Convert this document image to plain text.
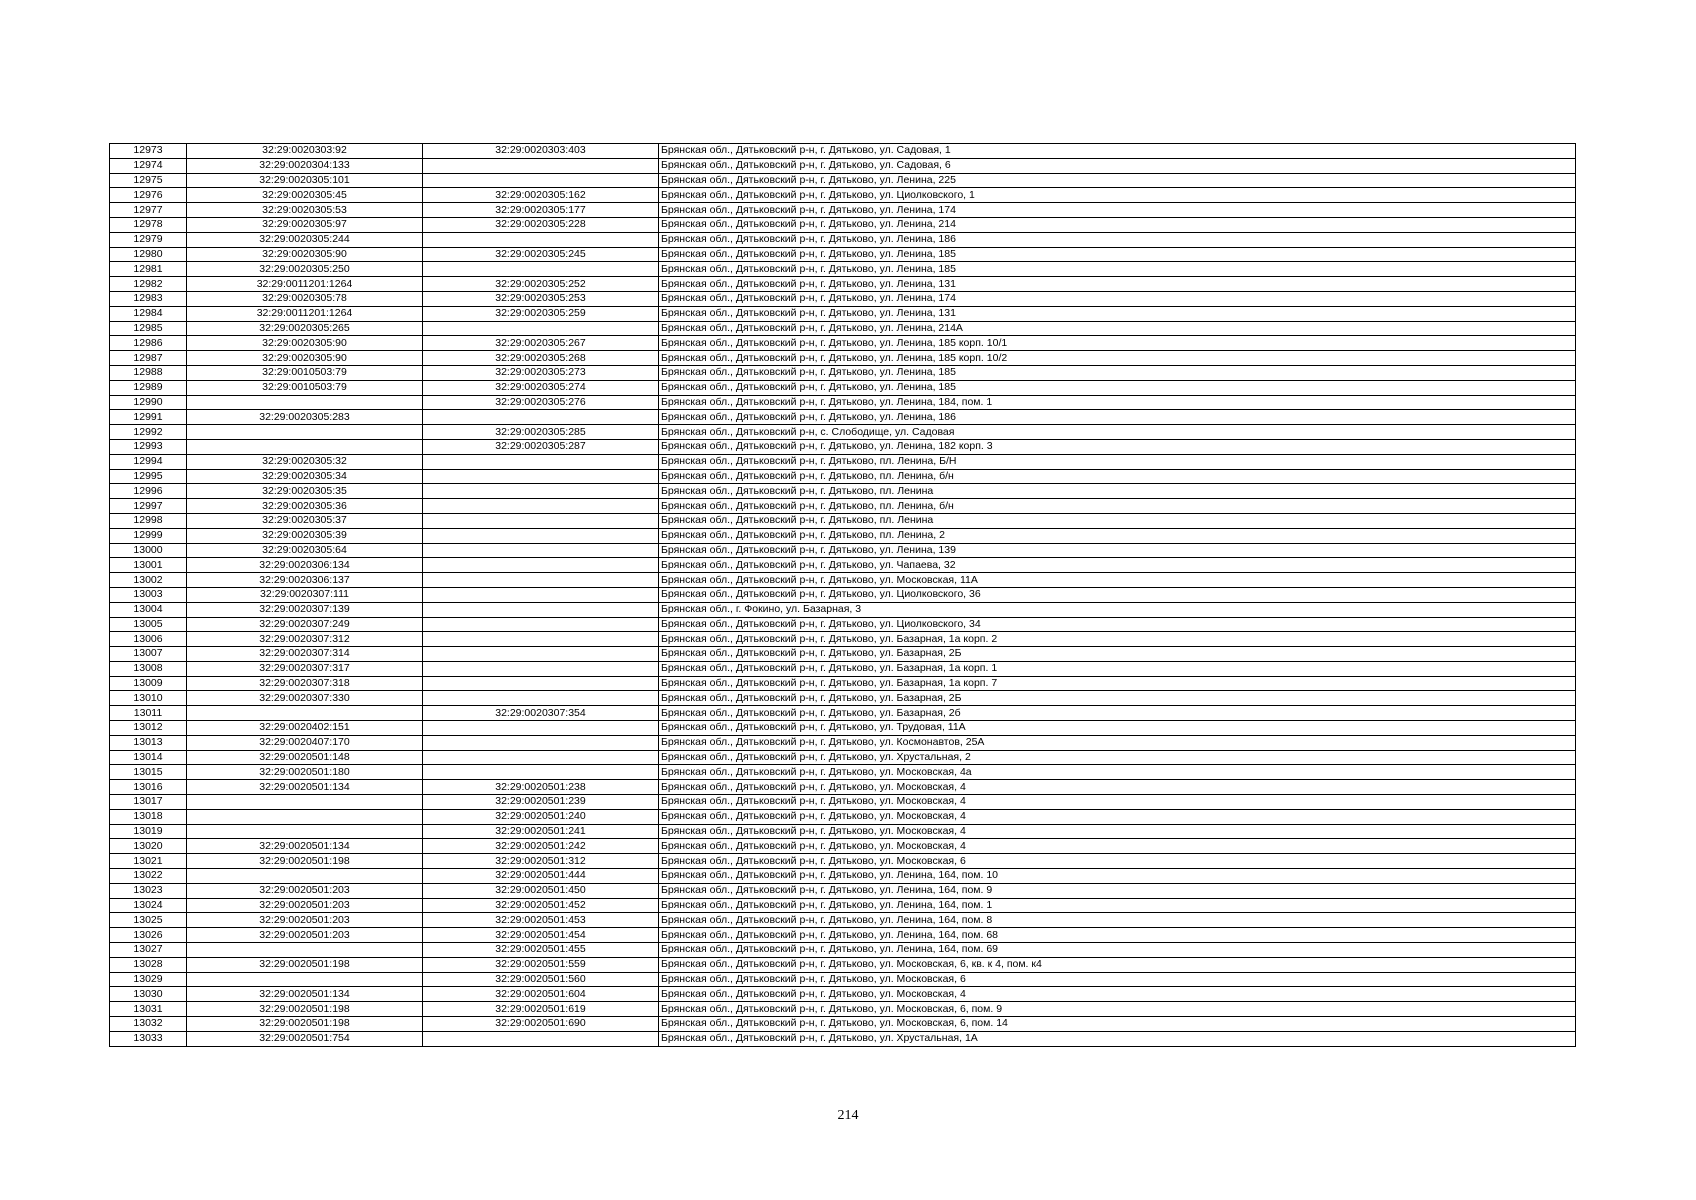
12973	32:29:0020303:92	32:29:0020303:403	Брянская обл., Дятьковский р-н, г. Дятьково, ул. Садовая, 1
12974	32:29:0020304:133		Брянская обл., Дятьковский р-н, г. Дятьково, ул. Садовая, 6
12975	32:29:0020305:101		Брянская обл., Дятьковский р-н, г. Дятьково, ул. Ленина, 225
12976	32:29:0020305:45	32:29:0020305:162	Брянская обл., Дятьковский р-н, г. Дятьково, ул. Циолковского, 1
12977	32:29:0020305:53	32:29:0020305:177	Брянская обл., Дятьковский р-н, г. Дятьково, ул. Ленина, 174
12978	32:29:0020305:97	32:29:0020305:228	Брянская обл., Дятьковский р-н, г. Дятьково, ул. Ленина, 214
12979	32:29:0020305:244		Брянская обл., Дятьковский р-н, г. Дятьково, ул. Ленина, 186
12980	32:29:0020305:90	32:29:0020305:245	Брянская обл., Дятьковский р-н, г. Дятьково, ул. Ленина, 185
12981	32:29:0020305:250		Брянская обл., Дятьковский р-н, г. Дятьково, ул. Ленина, 185
12982	32:29:0011201:1264	32:29:0020305:252	Брянская обл., Дятьковский р-н, г. Дятьково, ул. Ленина, 131
12983	32:29:0020305:78	32:29:0020305:253	Брянская обл., Дятьковский р-н, г. Дятьково, ул. Ленина, 174
12984	32:29:0011201:1264	32:29:0020305:259	Брянская обл., Дятьковский р-н, г. Дятьково, ул. Ленина, 131
12985	32:29:0020305:265		Брянская обл., Дятьковский р-н, г. Дятьково, ул. Ленина, 214А
12986	32:29:0020305:90	32:29:0020305:267	Брянская обл., Дятьковский р-н, г. Дятьково, ул. Ленина, 185 корп. 10/1
12987	32:29:0020305:90	32:29:0020305:268	Брянская обл., Дятьковский р-н, г. Дятьково, ул. Ленина, 185 корп. 10/2
12988	32:29:0010503:79	32:29:0020305:273	Брянская обл., Дятьковский р-н, г. Дятьково, ул. Ленина, 185
12989	32:29:0010503:79	32:29:0020305:274	Брянская обл., Дятьковский р-н, г. Дятьково, ул. Ленина, 185
12990		32:29:0020305:276	Брянская обл., Дятьковский р-н, г. Дятьково, ул. Ленина, 184, пом. 1
12991	32:29:0020305:283		Брянская обл., Дятьковский р-н, г. Дятьково, ул. Ленина, 186
12992		32:29:0020305:285	Брянская обл., Дятьковский р-н, с. Слободище, ул. Садовая
12993		32:29:0020305:287	Брянская обл., Дятьковский р-н, г. Дятьково, ул. Ленина, 182 корп. 3
12994	32:29:0020305:32		Брянская обл., Дятьковский р-н, г. Дятьково, пл. Ленина, Б/Н
12995	32:29:0020305:34		Брянская обл., Дятьковский р-н, г. Дятьково, пл. Ленина, б/н
12996	32:29:0020305:35		Брянская обл., Дятьковский р-н, г. Дятьково, пл. Ленина
12997	32:29:0020305:36		Брянская обл., Дятьковский р-н, г. Дятьково, пл. Ленина, б/н
12998	32:29:0020305:37		Брянская обл., Дятьковский р-н, г. Дятьково, пл. Ленина
12999	32:29:0020305:39		Брянская обл., Дятьковский р-н, г. Дятьково, пл. Ленина, 2
13000	32:29:0020305:64		Брянская обл., Дятьковский р-н, г. Дятьково, ул. Ленина, 139
13001	32:29:0020306:134		Брянская обл., Дятьковский р-н, г. Дятьково, ул. Чапаева, 32
13002	32:29:0020306:137		Брянская обл., Дятьковский р-н, г. Дятьково, ул. Московская, 11А
13003	32:29:0020307:111		Брянская обл., Дятьковский р-н, г. Дятьково, ул. Циолковского, 36
13004	32:29:0020307:139		Брянская обл., г. Фокино, ул. Базарная, 3
13005	32:29:0020307:249		Брянская обл., Дятьковский р-н, г. Дятьково, ул. Циолковского, 34
13006	32:29:0020307:312		Брянская обл., Дятьковский р-н, г. Дятьково, ул. Базарная, 1а корп. 2
13007	32:29:0020307:314		Брянская обл., Дятьковский р-н, г. Дятьково, ул. Базарная, 2Б
13008	32:29:0020307:317		Брянская обл., Дятьковский р-н, г. Дятьково, ул. Базарная, 1а корп. 1
13009	32:29:0020307:318		Брянская обл., Дятьковский р-н, г. Дятьково, ул. Базарная, 1а корп. 7
13010	32:29:0020307:330		Брянская обл., Дятьковский р-н, г. Дятьково, ул. Базарная, 2Б
13011		32:29:0020307:354	Брянская обл., Дятьковский р-н, г. Дятьково, ул. Базарная, 2б
13012	32:29:0020402:151		Брянская обл., Дятьковский р-н, г. Дятьково, ул. Трудовая, 11А
13013	32:29:0020407:170		Брянская обл., Дятьковский р-н, г. Дятьково, ул. Космонавтов, 25А
13014	32:29:0020501:148		Брянская обл., Дятьковский р-н, г. Дятьково, ул. Хрустальная, 2
13015	32:29:0020501:180		Брянская обл., Дятьковский р-н, г. Дятьково, ул. Московская, 4а
13016	32:29:0020501:134	32:29:0020501:238	Брянская обл., Дятьковский р-н, г. Дятьково, ул. Московская, 4
13017		32:29:0020501:239	Брянская обл., Дятьковский р-н, г. Дятьково, ул. Московская, 4
13018		32:29:0020501:240	Брянская обл., Дятьковский р-н, г. Дятьково, ул. Московская, 4
13019		32:29:0020501:241	Брянская обл., Дятьковский р-н, г. Дятьково, ул. Московская, 4
13020	32:29:0020501:134	32:29:0020501:242	Брянская обл., Дятьковский р-н, г. Дятьково, ул. Московская, 4
13021	32:29:0020501:198	32:29:0020501:312	Брянская обл., Дятьковский р-н, г. Дятьково, ул. Московская, 6
13022		32:29:0020501:444	Брянская обл., Дятьковский р-н, г. Дятьково, ул. Ленина, 164, пом. 10
13023	32:29:0020501:203	32:29:0020501:450	Брянская обл., Дятьковский р-н, г. Дятьково, ул. Ленина, 164, пом. 9
13024	32:29:0020501:203	32:29:0020501:452	Брянская обл., Дятьковский р-н, г. Дятьково, ул. Ленина, 164, пом. 1
13025	32:29:0020501:203	32:29:0020501:453	Брянская обл., Дятьковский р-н, г. Дятьково, ул. Ленина, 164, пом. 8
13026	32:29:0020501:203	32:29:0020501:454	Брянская обл., Дятьковский р-н, г. Дятьково, ул. Ленина, 164, пом. 68
13027		32:29:0020501:455	Брянская обл., Дятьковский р-н, г. Дятьково, ул. Ленина, 164, пом. 69
13028	32:29:0020501:198	32:29:0020501:559	Брянская обл., Дятьковский р-н, г. Дятьково, ул. Московская, 6, кв. к 4, пом. к4
13029		32:29:0020501:560	Брянская обл., Дятьковский р-н, г. Дятьково, ул. Московская, 6
13030	32:29:0020501:134	32:29:0020501:604	Брянская обл., Дятьковский р-н, г. Дятьково, ул. Московская, 4
13031	32:29:0020501:198	32:29:0020501:619	Брянская обл., Дятьковский р-н, г. Дятьково, ул. Московская, 6, пом. 9
13032	32:29:0020501:198	32:29:0020501:690	Брянская обл., Дятьковский р-н, г. Дятьково, ул. Московская, 6, пом. 14
13033	32:29:0020501:754		Брянская обл., Дятьковский р-н, г. Дятьково, ул. Хрустальная, 1А
214
